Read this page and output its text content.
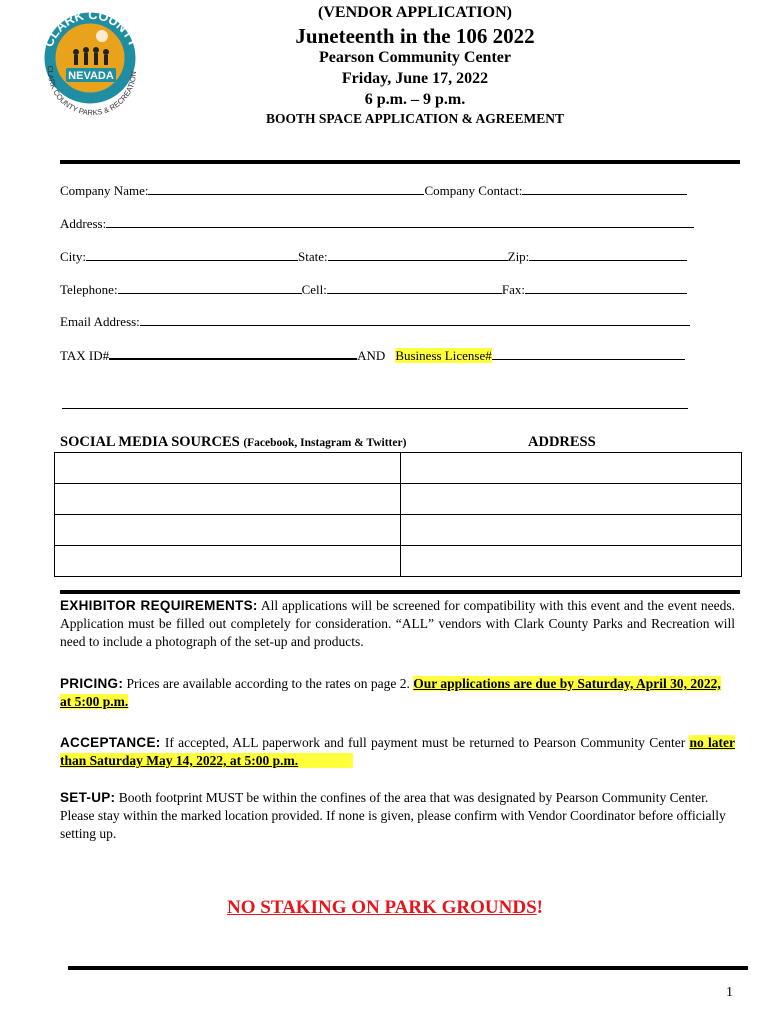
CLARK COUNTY
NEVADA
CLARK COUNTY PARKS & RECREATION
(VENDOR APPLICATION)
Juneteenth in the 106 2022
Pearson Community Center
Friday, June 17, 2022
6 p.m. – 9 p.m.
BOOTH SPACE APPLICATION & AGREEMENT
Company Name:	Company Contact:
Address:
City:	State:	Zip:
Telephone:	Cell:	Fax:
Email Address:
TAX ID#	AND Business License#
SOCIAL MEDIA SOURCES (Facebook, Instagram & Twitter)	ADDRESS

EXHIBITOR REQUIREMENTS: All applications will be screened for compatibility with this event and the event needs. Application must be filled out completely for consideration. “ALL” vendors with Clark County Parks and Recreation will need to include a photograph of the set-up and products.
PRICING: Prices are available according to the rates on page 2. Our applications are due by Saturday, April 30, 2022, at 5:00 p.m.
ACCEPTANCE: If accepted, ALL paperwork and full payment must be returned to Pearson Community Center no later than Saturday May 14, 2022, at 5:00 p.m.
SET-UP: Booth footprint MUST be within the confines of the area that was designated by Pearson Community Center. Please stay within the marked location provided. If none is given, please confirm with Vendor Coordinator before officially setting up.
NO STAKING ON PARK GROUNDS!
1
